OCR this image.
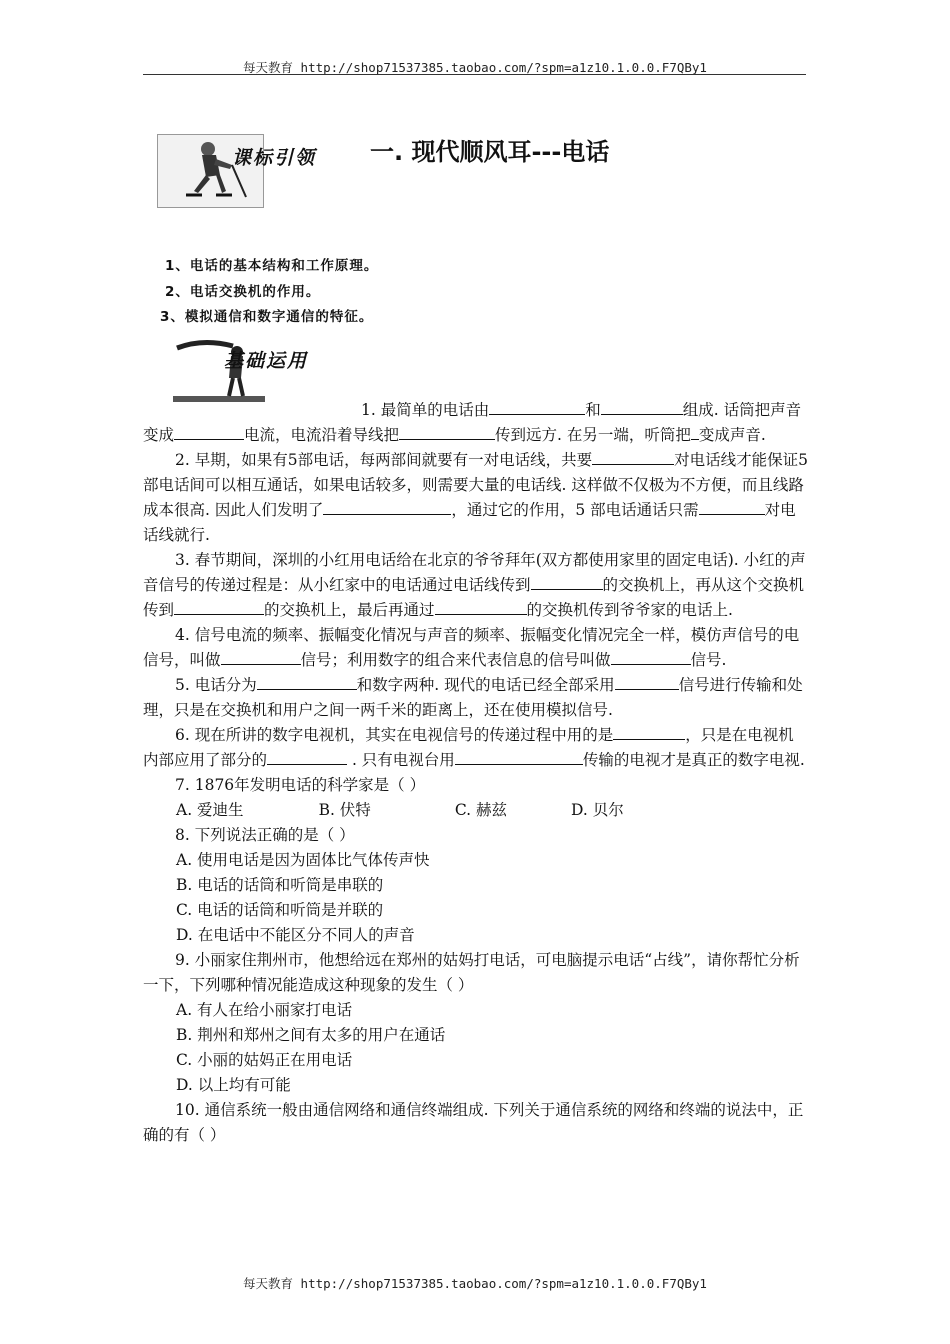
每天教育 http://shop71537385.taobao.com/?spm=a1z10.1.0.0.F7QBy1
课标引领 一. 现代顺风耳---电话
1、电话的基本结构和工作原理。
2、电话交换机的作用。
3、模拟通信和数字通信的特征。
基础运用

1. 最简单的电话由	和	组成. 话筒把声音变成	电流，电流沿着导线把	传到远方. 在另一端，听筒把 变成声音.

2. 早期，如果有5部电话，每两部间就要有一对电话线，共要	对电话线才能保证5部电话间可以相互通话，如果电话较多，则需要大量的电话线. 这样做不仅极为不方便，而且线路成本很高. 因此人们发明了	，通过它的作用，5 部电话通话只需	对电话线就行.

3. 春节期间，深圳的小红用电话给在北京的爷爷拜年(双方都使用家里的固定电话). 小红的声音信号的传递过程是：从小红家中的电话通过电话线传到	的交换机上，再从这个交换机传到	的交换机上，最后再通过	的交换机传到爷爷家的电话上.

4. 信号电流的频率、振幅变化情况与声音的频率、振幅变化情况完全一样，模仿声信号的电信号，叫做	信号；利用数字的组合来代表信息的信号叫做	信号.

5. 电话分为	和数字两种. 现代的电话已经全部采用	信号进行传输和处理，只是在交换机和用户之间一两千米的距离上，还在使用模拟信号.

6. 现在所讲的数字电视机，其实在电视信号的传递过程中用的是	，只是在电视机内部应用了部分的	. 只有电视台用	传输的电视才是真正的数字电视.

7. 1876年发明电话的科学家是（ ）

A. 爱迪生	B. 伏特	C. 赫兹	D. 贝尔

8. 下列说法正确的是（ ）

A. 使用电话是因为固体比气体传声快

B. 电话的话筒和听筒是串联的

C. 电话的话筒和听筒是并联的

D. 在电话中不能区分不同人的声音

9. 小丽家住荆州市，他想给远在郑州的姑妈打电话，可电脑提示电话“占线”，请你帮忙分析一下，下列哪种情况能造成这种现象的发生（ ）

A. 有人在给小丽家打电话

B. 荆州和郑州之间有太多的用户在通话

C. 小丽的姑妈正在用电话

D. 以上均有可能

10. 通信系统一般由通信网络和通信终端组成. 下列关于通信系统的网络和终端的说法中，正确的有（ ）

每天教育 http://shop71537385.taobao.com/?spm=a1z10.1.0.0.F7QBy1
